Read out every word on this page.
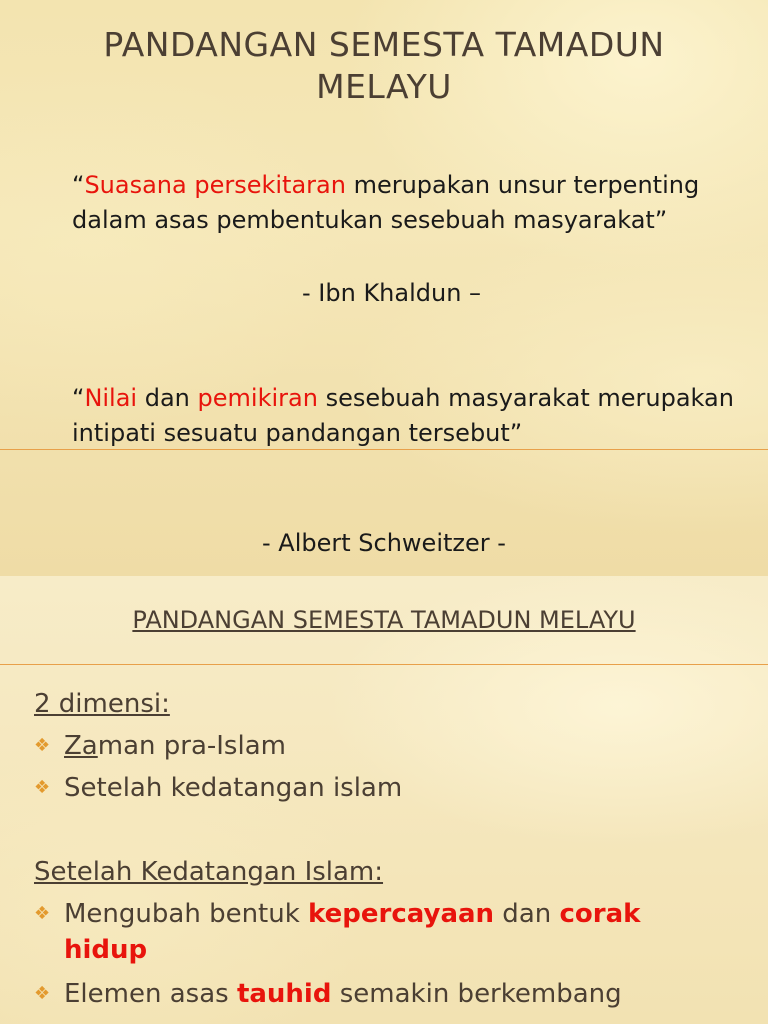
PANDANGAN SEMESTA TAMADUN MELAYU

“Suasana persekitaran merupakan unsur terpenting dalam asas pembentukan sesebuah masyarakat”

- Ibn Khaldun –

“Nilai dan pemikiran sesebuah masyarakat merupakan intipati sesuatu pandangan tersebut”

- Albert Schweitzer -

PANDANGAN SEMESTA TAMADUN MELAYU

2 dimensi:

❖ Zaman pra-Islam
❖ Setelah kedatangan islam

Setelah Kedatangan Islam:

❖ Mengubah bentuk kepercayaan dan corak
hidup
❖ Elemen asas tauhid semakin berkembang
